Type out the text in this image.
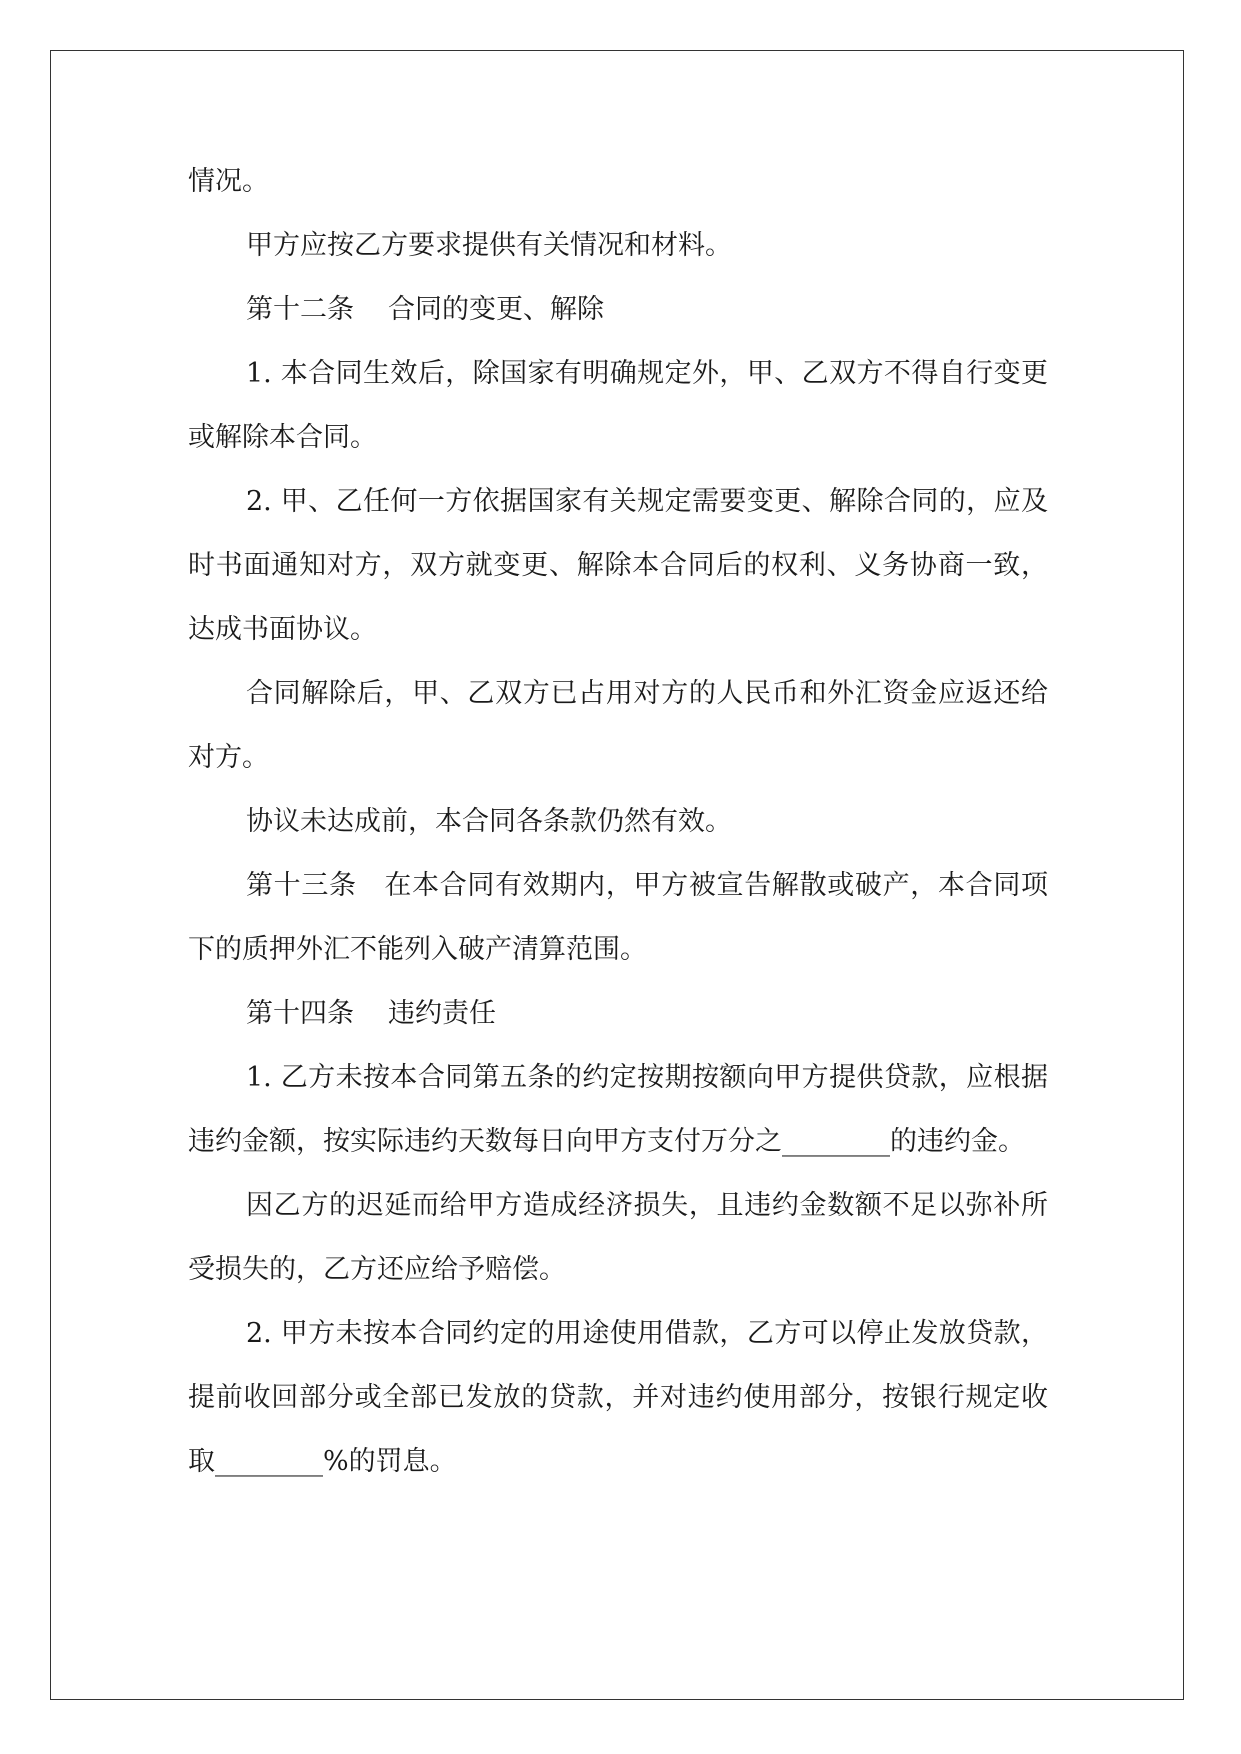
情况。

甲方应按乙方要求提供有关情况和材料。

第十二条 合同的变更、解除

1. 本合同生效后，除国家有明确规定外，甲、乙双方不得自行变更或解除本合同。

2. 甲、乙任何一方依据国家有关规定需要变更、解除合同的，应及时书面通知对方，双方就变更、解除本合同后的权利、义务协商一致，达成书面协议。

合同解除后，甲、乙双方已占用对方的人民币和外汇资金应返还给对方。

协议未达成前，本合同各条款仍然有效。

第十三条　在本合同有效期内，甲方被宣告解散或破产，本合同项下的质押外汇不能列入破产清算范围。

第十四条 违约责任

1. 乙方未按本合同第五条的约定按期按额向甲方提供贷款，应根据违约金额，按实际违约天数每日向甲方支付万分之________的违约金。

因乙方的迟延而给甲方造成经济损失，且违约金数额不足以弥补所受损失的，乙方还应给予赔偿。

2. 甲方未按本合同约定的用途使用借款，乙方可以停止发放贷款，提前收回部分或全部已发放的贷款，并对违约使用部分，按银行规定收取________%的罚息。
